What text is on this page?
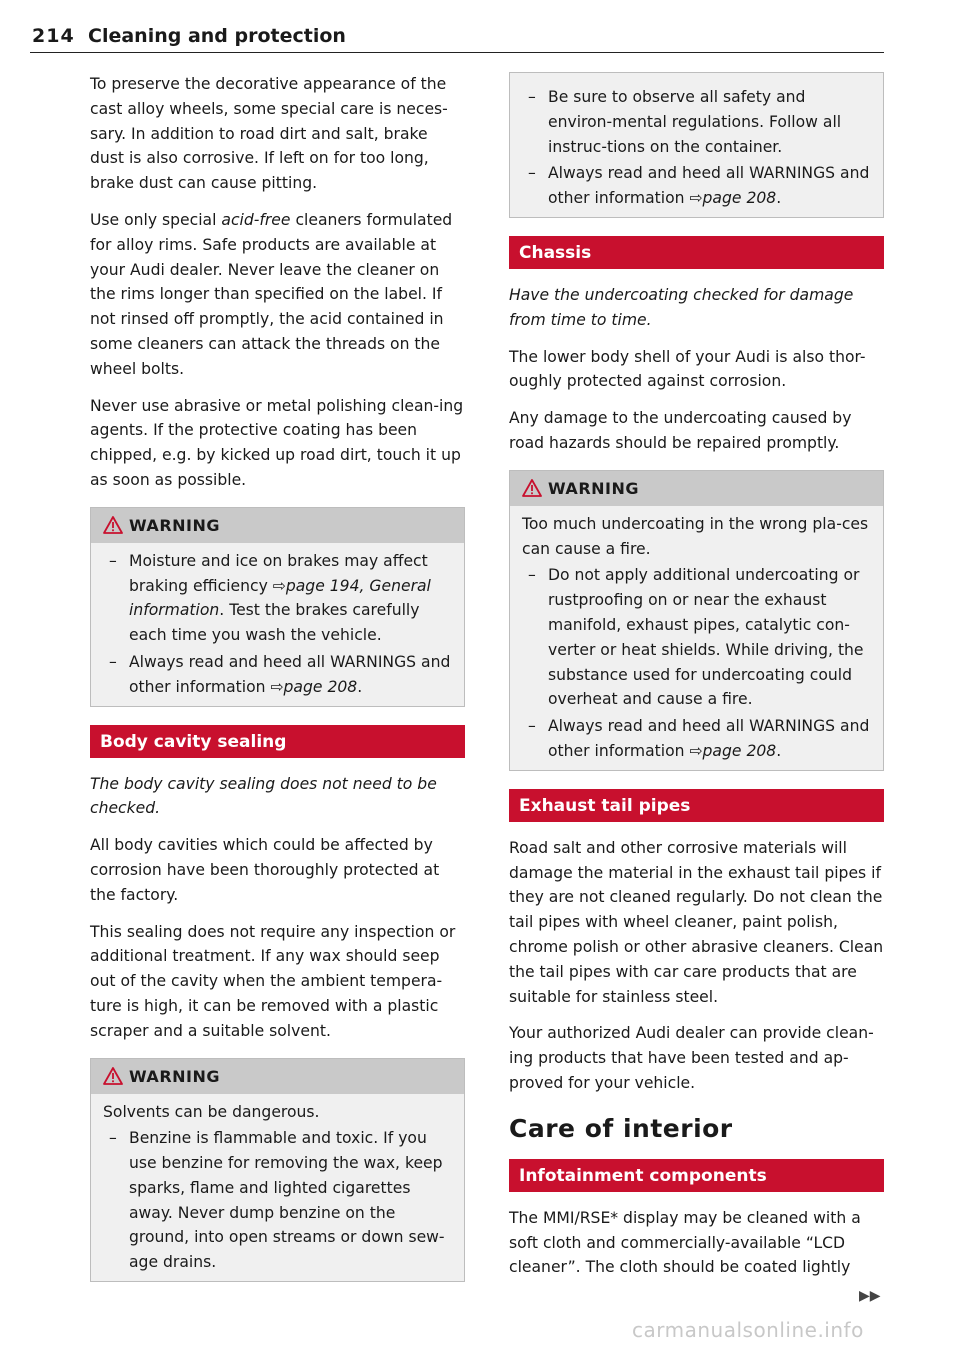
214 Cleaning and protection

To preserve the decorative appearance of the cast alloy wheels, some special care is neces-sary. In addition to road dirt and salt, brake dust is also corrosive. If left on for too long, brake dust can cause pitting.

Use only special acid-free cleaners formulated for alloy rims. Safe products are available at your Audi dealer. Never leave the cleaner on the rims longer than specified on the label. If not rinsed off promptly, the acid contained in some cleaners can attack the threads on the wheel bolts.

Never use abrasive or metal polishing clean-ing agents. If the protective coating has been chipped, e.g. by kicked up road dirt, touch it up as soon as possible.

WARNING
– Moisture and ice on brakes may affect braking efficiency ⇨page 194, General information. Test the brakes carefully each time you wash the vehicle.
– Always read and heed all WARNINGS and other information ⇨page 208.
Body cavity sealing

The body cavity sealing does not need to be checked.

All body cavities which could be affected by corrosion have been thoroughly protected at the factory.

This sealing does not require any inspection or additional treatment. If any wax should seep out of the cavity when the ambient tempera-ture is high, it can be removed with a plastic scraper and a suitable solvent.

WARNING

Solvents can be dangerous.

– Benzine is flammable and toxic. If you use benzine for removing the wax, keep sparks, flame and lighted cigarettes away. Never dump benzine on the ground, into open streams or down sew-age drains.
– Be sure to observe all safety and environ-mental regulations. Follow all instruc-tions on the container.
– Always read and heed all WARNINGS and other information ⇨page 208.
Chassis

Have the undercoating checked for damage from time to time.

The lower body shell of your Audi is also thor-oughly protected against corrosion.

Any damage to the undercoating caused by road hazards should be repaired promptly.

WARNING

Too much undercoating in the wrong pla-ces can cause a fire.

– Do not apply additional undercoating or rustproofing on or near the exhaust manifold, exhaust pipes, catalytic con-verter or heat shields. While driving, the substance used for undercoating could overheat and cause a fire.
– Always read and heed all WARNINGS and other information ⇨page 208.
Exhaust tail pipes

Road salt and other corrosive materials will damage the material in the exhaust tail pipes if they are not cleaned regularly. Do not clean the tail pipes with wheel cleaner, paint polish, chrome polish or other abrasive cleaners. Clean the tail pipes with car care products that are suitable for stainless steel.

Your authorized Audi dealer can provide clean-ing products that have been tested and ap-proved for your vehicle.

Care of interior
Infotainment components

The MMI/RSE* display may be cleaned with a soft cloth and commercially-available “LCD cleaner”. The cloth should be coated lightly

▶▶
carmanualsonline.info
